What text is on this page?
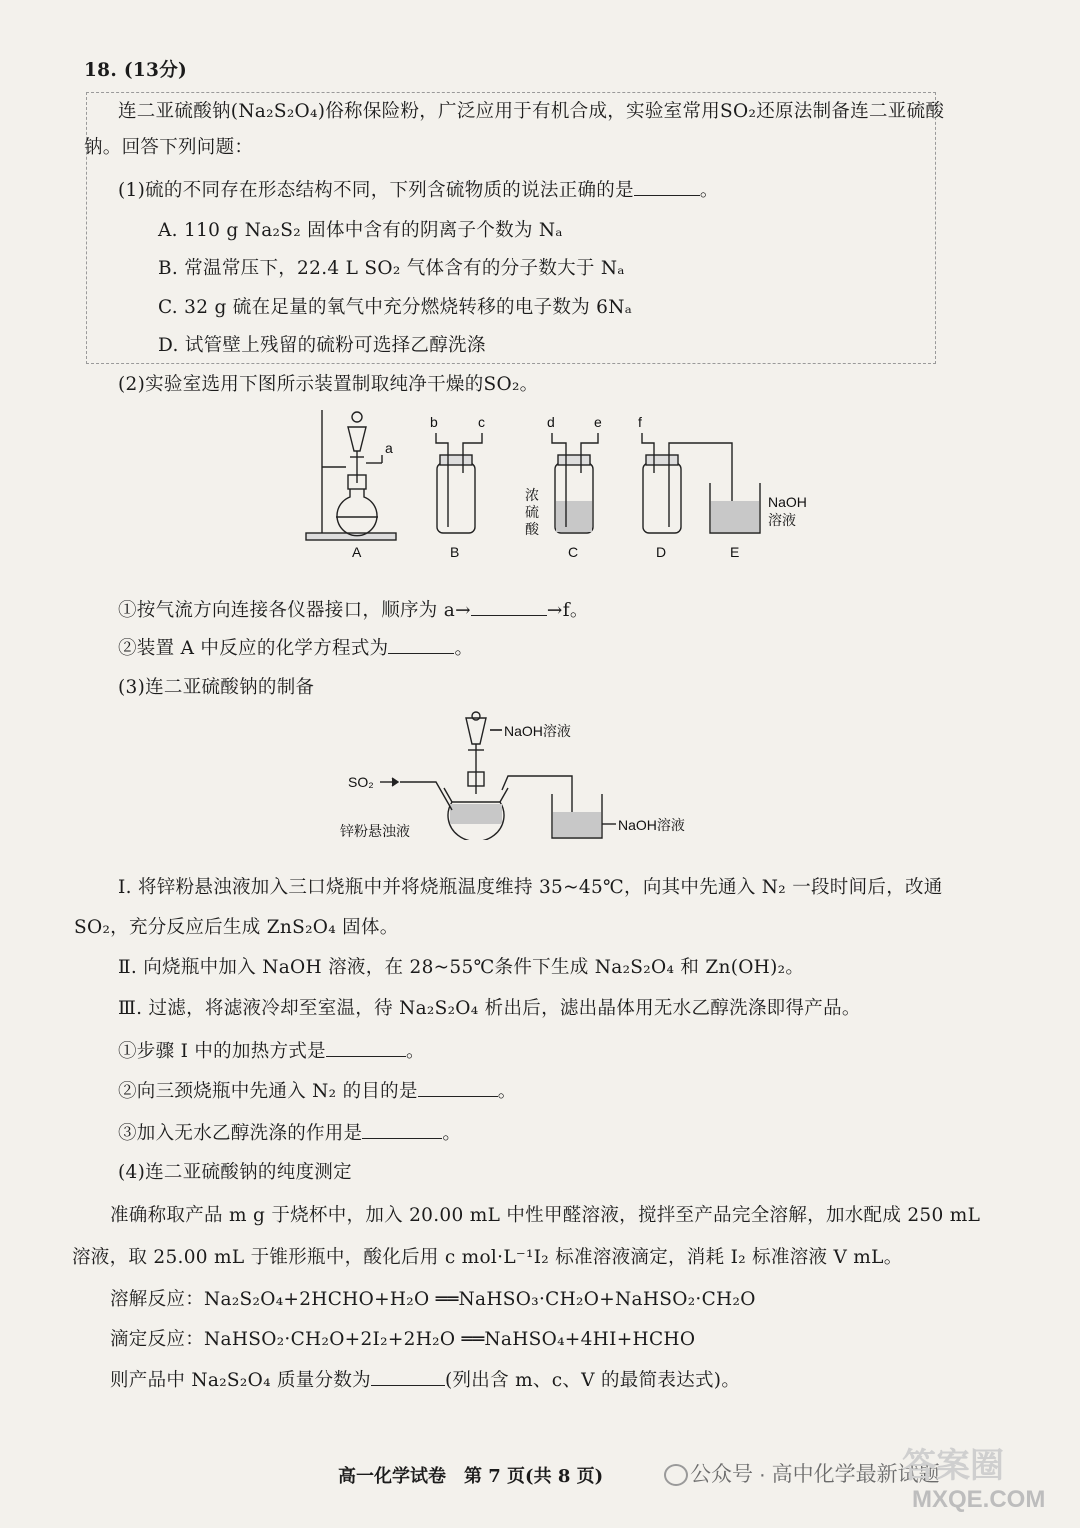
18. (13分)
连二亚硫酸钠(Na₂S₂O₄)俗称保险粉，广泛应用于有机合成，实验室常用SO₂还原法制备连二亚硫酸
钠。回答下列问题：
(1)硫的不同存在形态结构不同，下列含硫物质的说法正确的是	。
A. 110 g Na₂S₂ 固体中含有的阴离子个数为 Nₐ
B. 常温常压下，22.4 L SO₂ 气体含有的分子数大于 Nₐ
C. 32 g 硫在足量的氧气中充分燃烧转移的电子数为 6Nₐ
D. 试管壁上残留的硫粉可选择乙醇洗涤
(2)实验室选用下图所示装置制取纯净干燥的SO₂。
a
b	c	d	e	f
浓
硫
酸
NaOH
溶液
A	B	C	D	E
①按气流方向连接各仪器接口，顺序为 a→	→f。
②装置 A 中反应的化学方程式为	。
(3)连二亚硫酸钠的制备
NaOH溶液
SO₂
锌粉悬浊液	NaOH溶液
Ⅰ. 将锌粉悬浊液加入三口烧瓶中并将烧瓶温度维持 35~45℃，向其中先通入 N₂ 一段时间后，改通
SO₂，充分反应后生成 ZnS₂O₄ 固体。
Ⅱ. 向烧瓶中加入 NaOH 溶液，在 28~55℃条件下生成 Na₂S₂O₄ 和 Zn(OH)₂。
Ⅲ. 过滤，将滤液冷却至室温，待 Na₂S₂O₄ 析出后，滤出晶体用无水乙醇洗涤即得产品。
①步骤 Ⅰ 中的加热方式是	。
②向三颈烧瓶中先通入 N₂ 的目的是	。
③加入无水乙醇洗涤的作用是	。
(4)连二亚硫酸钠的纯度测定
准确称取产品 m g 于烧杯中，加入 20.00 mL 中性甲醛溶液，搅拌至产品完全溶解，加水配成 250 mL
溶液，取 25.00 mL 于锥形瓶中，酸化后用 c mol·L⁻¹I₂ 标准溶液滴定，消耗 I₂ 标准溶液 V mL。
溶解反应：Na₂S₂O₄+2HCHO+H₂O ══NaHSO₃·CH₂O+NaHSO₂·CH₂O
滴定反应：NaHSO₂·CH₂O+2I₂+2H₂O ══NaHSO₄+4HI+HCHO
则产品中 Na₂S₂O₄ 质量分数为	(列出含 m、c、V 的最简表达式)。
高一化学试卷　第 7 页(共 8 页)	公众号 · 高中化学最新试题
答案圈
MXQE.COM
